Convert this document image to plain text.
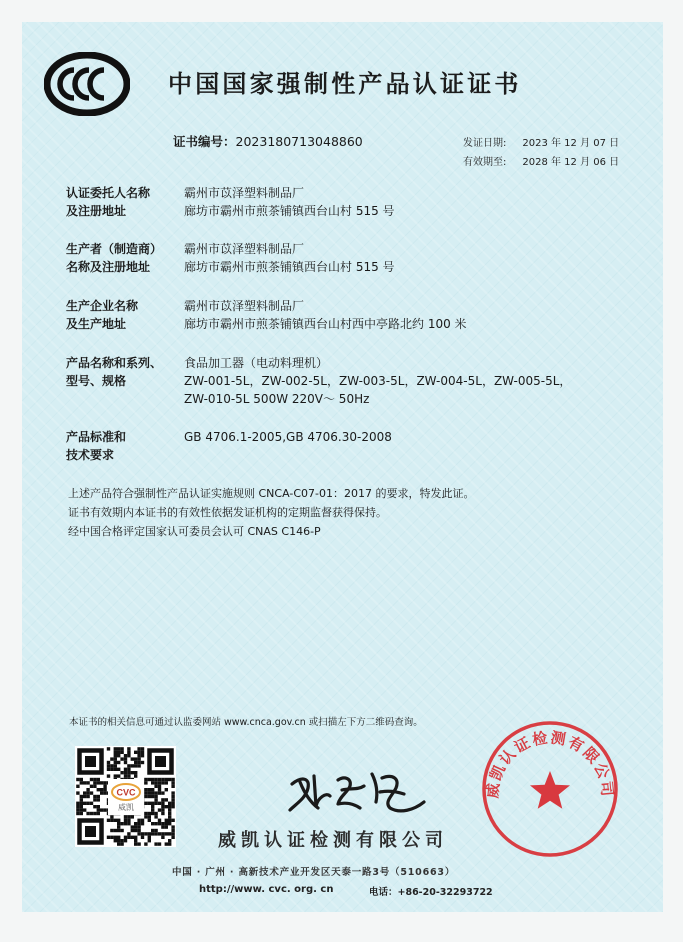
中国国家强制性产品认证证书
证书编号：2023180713048860	发证日期: 2023 年 12 月 07 日
有效期至: 2028 年 12 月 06 日
认证委托人名称
及注册地址
霸州市苡泽塑料制品厂
廊坊市霸州市煎茶铺镇西台山村 515 号
生产者（制造商）
名称及注册地址
霸州市苡泽塑料制品厂
廊坊市霸州市煎茶铺镇西台山村 515 号
生产企业名称
及生产地址
霸州市苡泽塑料制品厂
廊坊市霸州市煎茶铺镇西台山村西中亭路北约 100 米
产品名称和系列、
型号、规格
食品加工器（电动料理机）
ZW-001-5L，ZW-002-5L，ZW-003-5L，ZW-004-5L，ZW-005-5L，
ZW-010-5L 500W 220V～ 50Hz
产品标准和
技术要求
GB 4706.1-2005,GB 4706.30-2008
上述产品符合强制性产品认证实施规则 CNCA-C07-01：2017 的要求，特发此证。
证书有效期内本证书的有效性依据发证机构的定期监督获得保持。
经中国合格评定国家认可委员会认可 CNAS C146-P
本证书的相关信息可通过认监委网站 www.cnca.gov.cn 或扫描左下方二维码查询。
CVC
威凯
威凯认证检测有限公司
中国 · 广州 · 高新技术产业开发区天泰一路3号（510663）
http://www. cvc. org. cn	电话：+86-20-32293722
威凯认证检测有限公司
